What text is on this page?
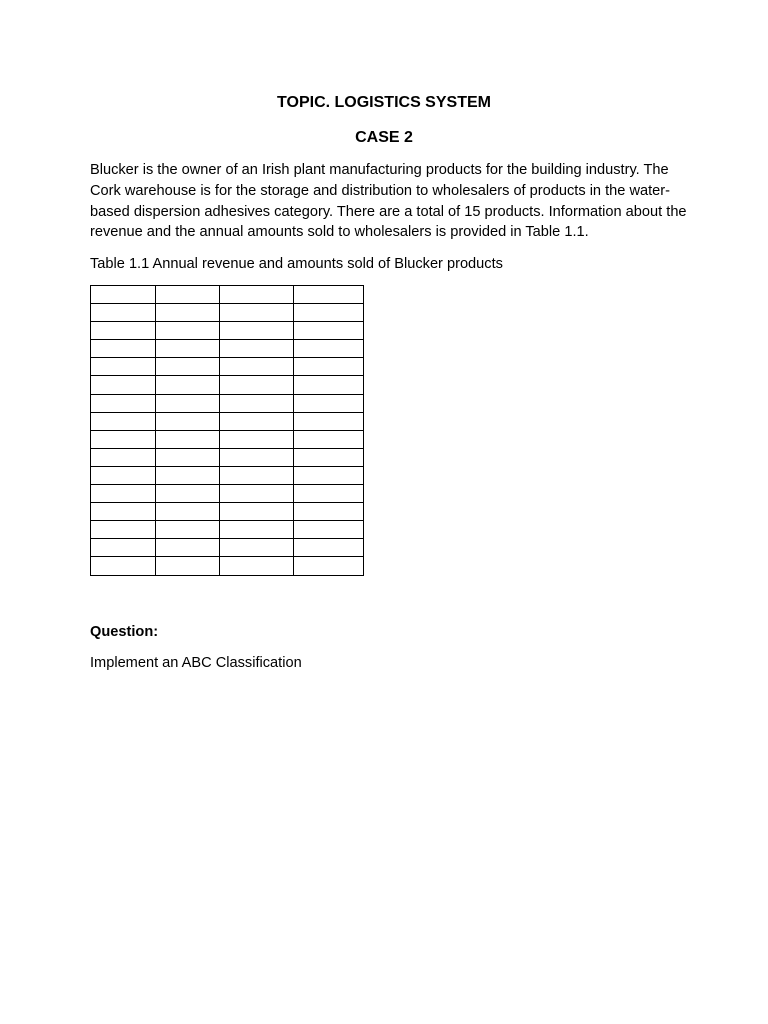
TOPIC. LOGISTICS SYSTEM
CASE 2
Blucker is the owner of an Irish plant manufacturing products for the building industry. The Cork warehouse is for the storage and distribution to wholesalers of products in the water-based dispersion adhesives category. There are a total of 15 products. Information about the revenue and the annual amounts sold to wholesalers is provided in Table 1.1.
Table 1.1 Annual revenue and amounts sold of Blucker products

Question:
Implement an ABC Classification
